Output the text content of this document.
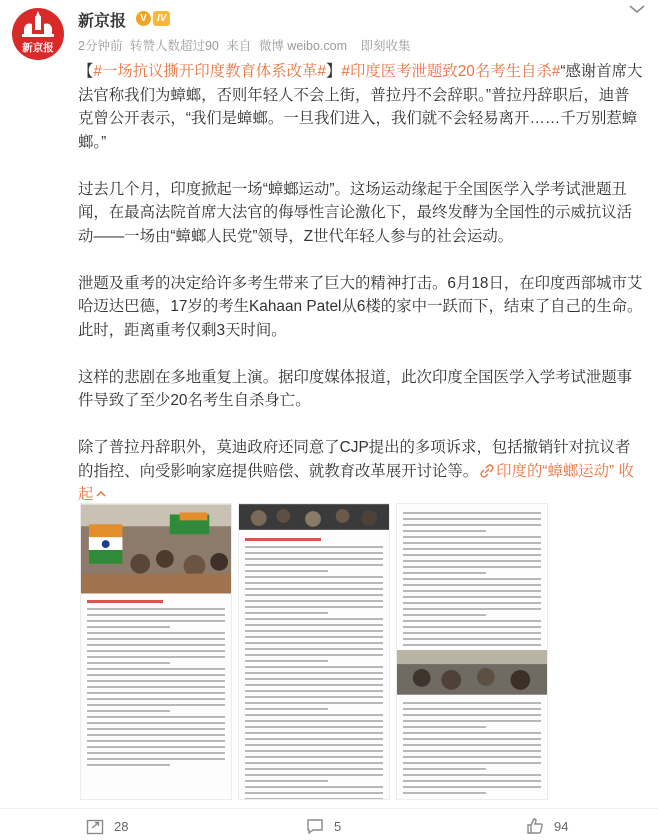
新京报
新京报	V	IV
2分钟前 转赞人数超过90 来自 微博 weibo.com 即刻收集

【#一场抗议撕开印度教育体系改革#】#印度医考泄题致20名考生自杀#“感谢首席大法官称我们为蟑螂，否则年轻人不会上街，普拉丹不会辞职。”普拉丹辞职后，迪普克曾公开表示，“我们是蟑螂。一旦我们进入，我们就不会轻易离开……千万别惹蟑螂。”

过去几个月，印度掀起一场“蟑螂运动”。这场运动缘起于全国医学入学考试泄题丑闻，在最高法院首席大法官的侮辱性言论激化下，最终发酵为全国性的示威抗议活动——一场由“蟑螂人民党”领导，Z世代年轻人参与的社会运动。

泄题及重考的决定给许多考生带来了巨大的精神打击。6月18日，在印度西部城市艾哈迈达巴德，17岁的考生Kahaan Patel从6楼的家中一跃而下，结束了自己的生命。此时，距离重考仅剩3天时间。

这样的悲剧在多地重复上演。据印度媒体报道，此次印度全国医学入学考试泄题事件导致了至少20名考生自杀身亡。

除了普拉丹辞职外，莫迪政府还同意了CJP提出的多项诉求，包括撤销针对抗议者的指控、向受影响家庭提供赔偿、就教育改革展开讨论等。 印度的“蟑螂运动” 收起

28	5	94
